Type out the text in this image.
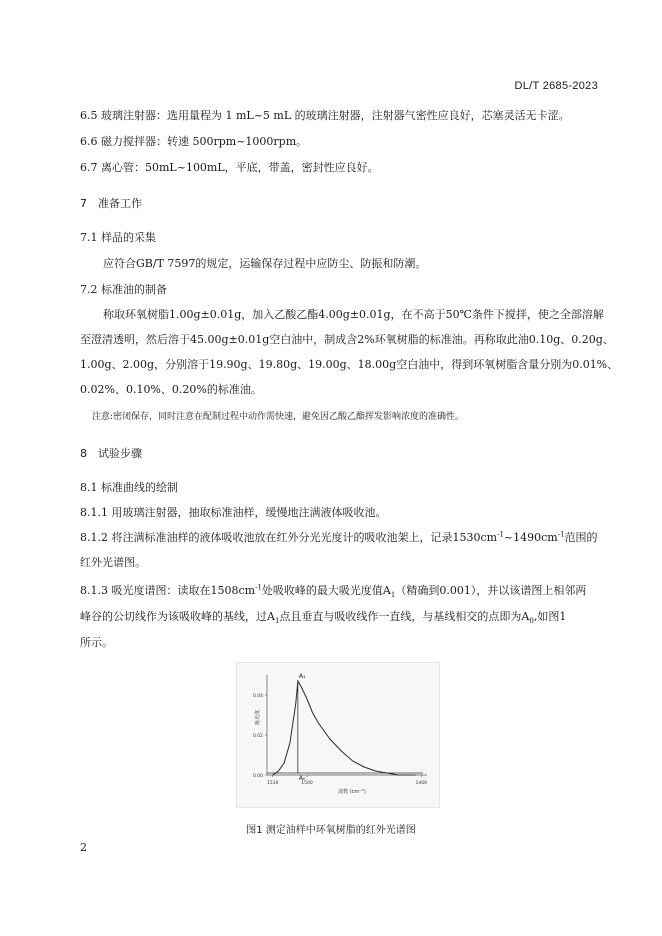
DL/T 2685-2023
6.5 玻璃注射器：选用量程为 1 mL~5 mL 的玻璃注射器，注射器气密性应良好，芯塞灵活无卡涩。
6.6 磁力搅拌器：转速 500rpm~1000rpm。
6.7 离心管：50mL~100mL，平底，带盖，密封性应良好。
7 准备工作
7.1 样品的采集
应符合GB/T 7597的规定，运输保存过程中应防尘、防振和防潮。
7.2 标准油的制备
称取环氧树脂1.00g±0.01g，加入乙酸乙酯4.00g±0.01g，在不高于50℃条件下搅拌，使之全部溶解
至澄清透明，然后溶于45.00g±0.01g空白油中，制成含2%环氧树脂的标准油。再称取此油0.10g、0.20g、
1.00g、2.00g，分别溶于19.90g、19.80g、19.00g、18.00g空白油中，得到环氧树脂含量分别为0.01%、
0.02%、0.10%、0.20%的标准油。
注意:密闭保存，同时注意在配制过程中动作需快速，避免因乙酸乙酯挥发影响浓度的准确性。
8 试验步骤
8.1 标准曲线的绘制
8.1.1 用玻璃注射器，抽取标准油样，缓慢地注满液体吸收池。
8.1.2 将注满标准油样的液体吸收池放在红外分光光度计的吸收池架上，记录$1530cm^{-1}\sim 1490cm^{-1}$范围的
红外光谱图。
8.1.3 吸光度谱图：读取在$1508cm^{-1}$处吸收峰的最大吸光度值$A_1$（精确到0.001），并以该谱图上相邻两
峰谷的公切线作为该吸收峰的基线，过$A_1$点且垂直与吸收线作一直线，与基线相交的点即为$A_0$,如图1
所示。
0.00
0.02
0.04
1530	1500	1400
吸光度
波数 (cm⁻¹)
A₁
A₀
图1 测定油样中环氧树脂的红外光谱图
2
